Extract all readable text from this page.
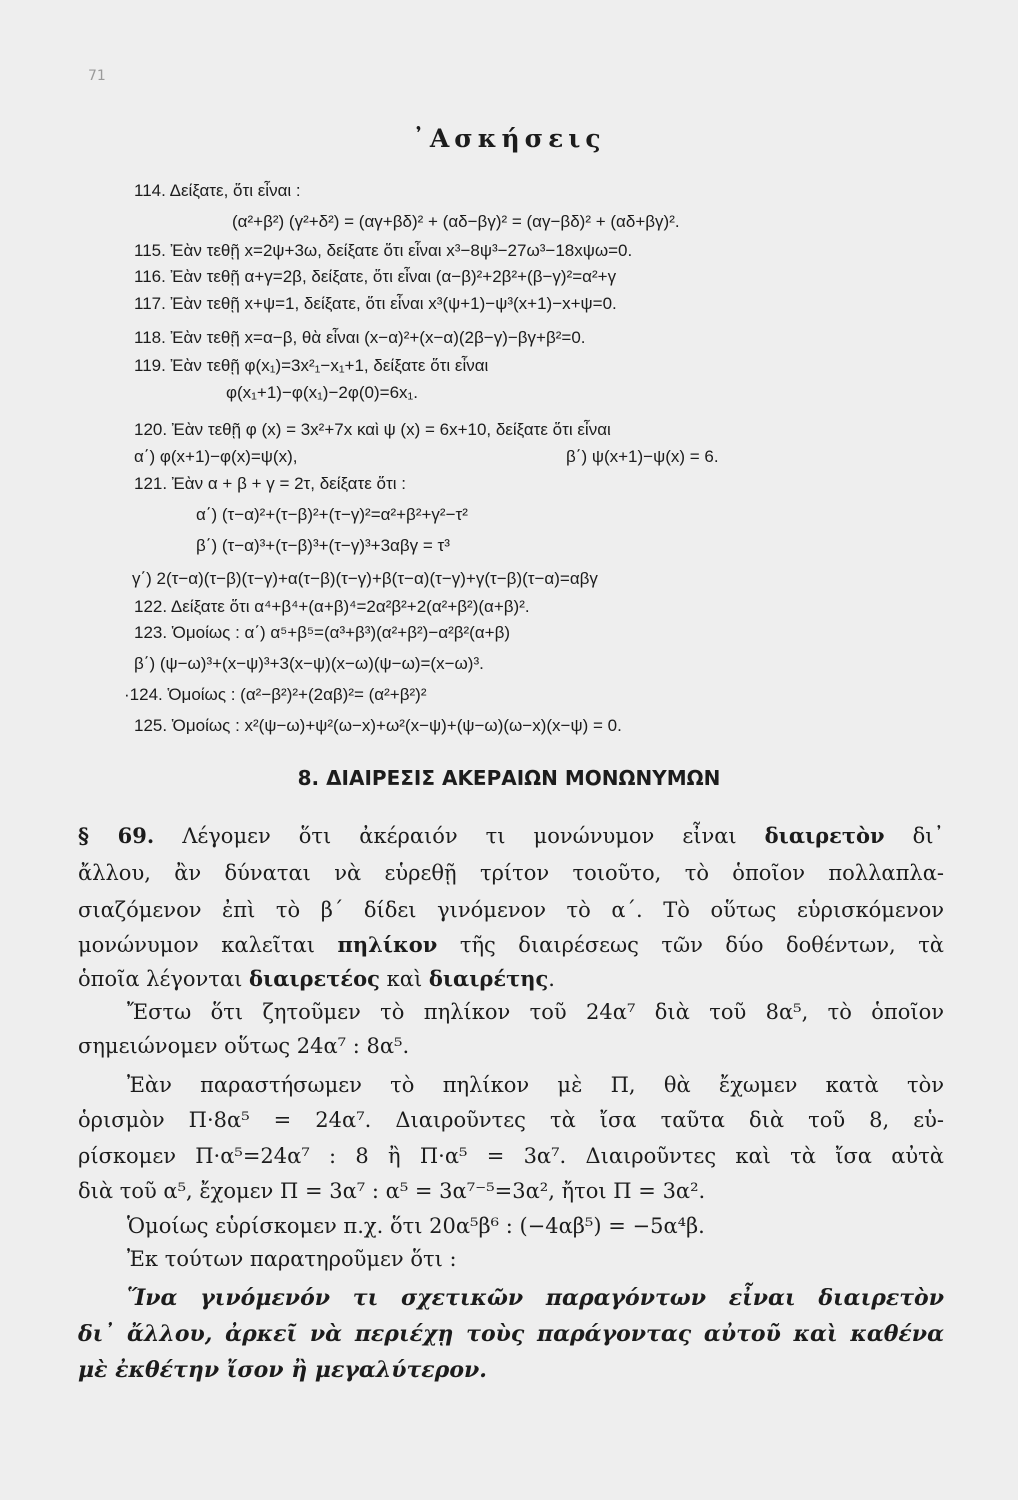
71
᾿Ασκήσεις
114. Δείξατε, ὅτι εἶναι :
(α²+β²) (γ²+δ²) = (αγ+βδ)² + (αδ−βγ)² = (αγ−βδ)² + (αδ+βγ)².
115. Ἐὰν τεθῇ x=2ψ+3ω, δείξατε ὅτι εἶναι x³−8ψ³−27ω³−18xψω=0.
116. Ἐὰν τεθῇ α+γ=2β, δείξατε, ὅτι εἶναι (α−β)²+2β²+(β−γ)²=α²+γ
117. Ἐὰν τεθῇ x+ψ=1, δείξατε, ὅτι εἶναι x³(ψ+1)−ψ³(x+1)−x+ψ=0.
118. Ἐὰν τεθῇ x=α−β, θὰ εἶναι (x−α)²+(x−α)(2β−γ)−βγ+β²=0.
119. Ἐὰν τεθῇ φ(x₁)=3x²₁−x₁+1, δείξατε ὅτι εἶναι
φ(x₁+1)−φ(x₁)−2φ(0)=6x₁.
120. Ἐὰν τεθῇ φ (x) = 3x²+7x καὶ ψ (x) = 6x+10, δείξατε ὅτι εἶναι
α΄) φ(x+1)−φ(x)=ψ(x),	β΄) ψ(x+1)−ψ(x) = 6.
121. Ἐὰν α + β + γ = 2τ, δείξατε ὅτι :
α΄) (τ−α)²+(τ−β)²+(τ−γ)²=α²+β²+γ²−τ²
β΄) (τ−α)³+(τ−β)³+(τ−γ)³+3αβγ = τ³
γ΄) 2(τ−α)(τ−β)(τ−γ)+α(τ−β)(τ−γ)+β(τ−α)(τ−γ)+γ(τ−β)(τ−α)=αβγ
122. Δείξατε ὅτι α⁴+β⁴+(α+β)⁴=2α²β²+2(α²+β²)(α+β)².
123. Ὁμοίως : α΄) α⁵+β⁵=(α³+β³)(α²+β²)−α²β²(α+β)
β΄) (ψ−ω)³+(x−ψ)³+3(x−ψ)(x−ω)(ψ−ω)=(x−ω)³.
·124. Ὁμοίως : (α²−β²)²+(2αβ)²= (α²+β²)²
125. Ὁμοίως : x²(ψ−ω)+ψ²(ω−x)+ω²(x−ψ)+(ψ−ω)(ω−x)(x−ψ) = 0.
8. ΔΙΑΙΡΕΣΙΣ ΑΚΕΡΑΙΩΝ ΜΟΝΩΝΥΜΩΝ
§ 69. Λέγομεν ὅτι ἀκέραιόν τι μονώνυμον εἶναι διαιρετὸν δι᾿
ἄλλου, ἂν δύναται νὰ εὑρεθῇ τρίτον τοιοῦτο, τὸ ὁποῖον πολλαπλα-
σιαζόμενον ἐπὶ τὸ β΄ δίδει γινόμενον τὸ α΄. Τὸ οὕτως εὑρισκόμενον
μονώνυμον καλεῖται πηλίκον τῆς διαιρέσεως τῶν δύο δοθέντων, τὰ
ὁποῖα λέγονται διαιρετέος καὶ διαιρέτης.
Ἔστω ὅτι ζητοῦμεν τὸ πηλίκον τοῦ 24α⁷ διὰ τοῦ 8α⁵, τὸ ὁποῖον
σημειώνομεν οὕτως 24α⁷ : 8α⁵.
Ἐὰν παραστήσωμεν τὸ πηλίκον μὲ Π, θὰ ἔχωμεν κατὰ τὸν
ὁρισμὸν Π·8α⁵ = 24α⁷. Διαιροῦντες τὰ ἴσα ταῦτα διὰ τοῦ 8, εὑ-
ρίσκομεν Π·α⁵=24α⁷ : 8 ἢ Π·α⁵ = 3α⁷. Διαιροῦντες καὶ τὰ ἴσα αὐτὰ
διὰ τοῦ α⁵, ἔχομεν Π = 3α⁷ : α⁵ = 3α⁷⁻⁵=3α², ἤτοι Π = 3α².
Ὁμοίως εὑρίσκομεν π.χ. ὅτι 20α⁵β⁶ : (−4αβ⁵) = −5α⁴β.
Ἐκ τούτων παρατηροῦμεν ὅτι :
Ἵνα γινόμενόν τι σχετικῶν παραγόντων εἶναι διαιρετὸν
δι᾿ ἄλλου, ἀρκεῖ νὰ περιέχῃ τοὺς παράγοντας αὐτοῦ καὶ καθένα
μὲ ἐκθέτην ἴσον ἢ μεγαλύτερον.
